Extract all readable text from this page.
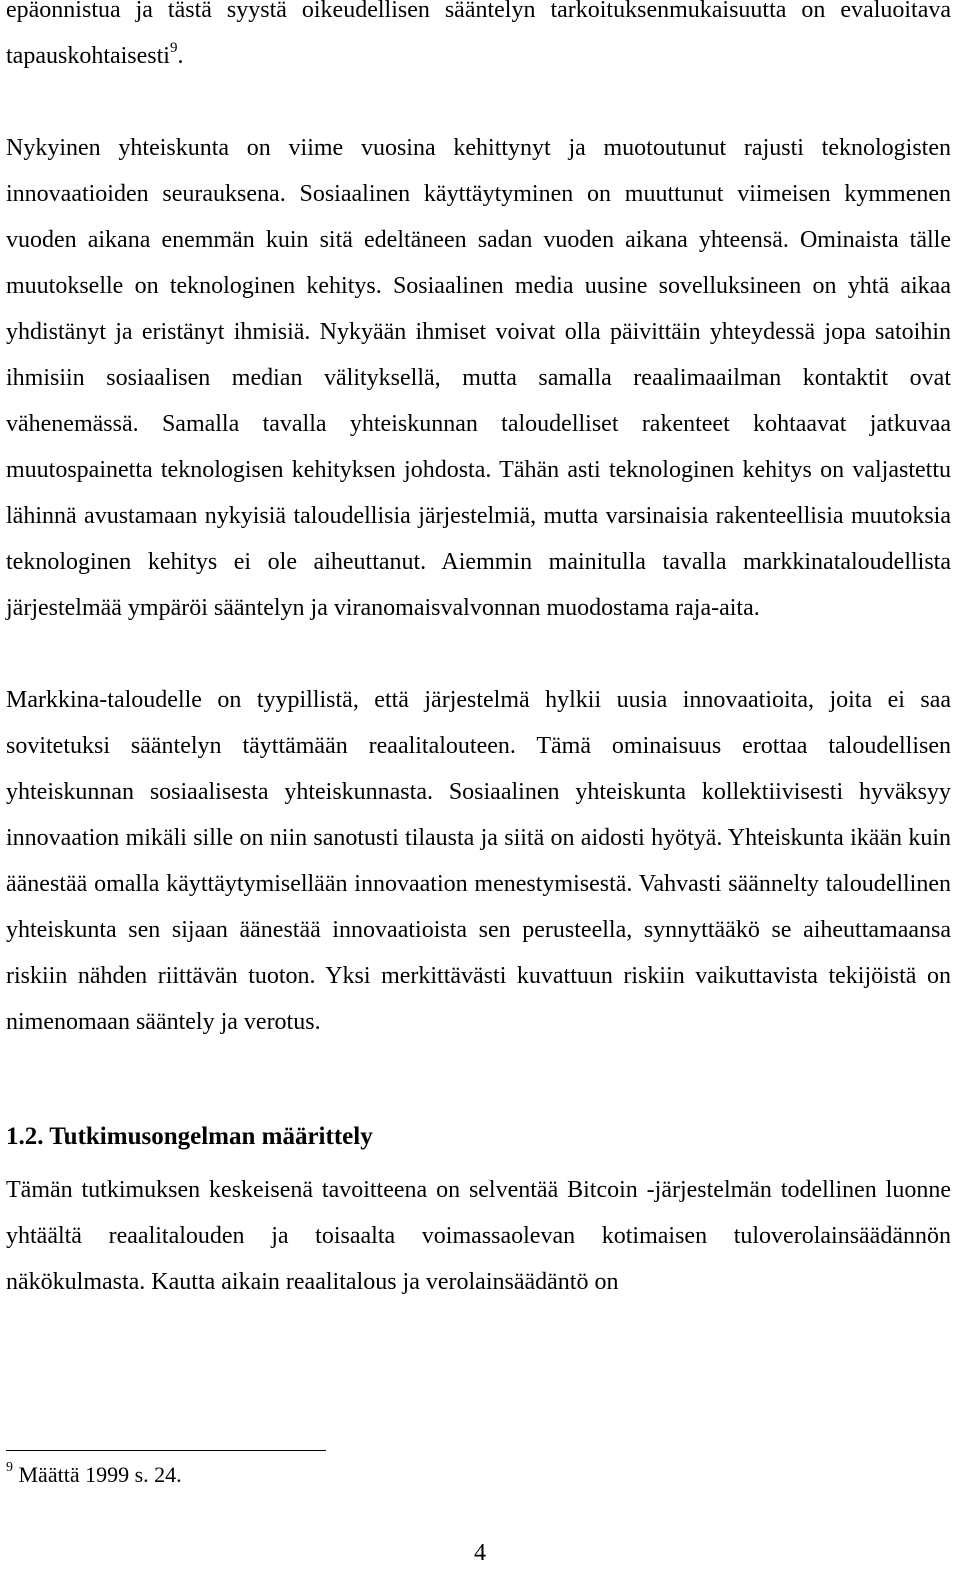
epäonnistua ja tästä syystä oikeudellisen sääntelyn tarkoituksenmukaisuutta on evaluoitava tapauskohtaisesti$^9$.

Nykyinen yhteiskunta on viime vuosina kehittynyt ja muotoutunut rajusti teknologisten innovaatioiden seurauksena. Sosiaalinen käyttäytyminen on muuttunut viimeisen kymmenen vuoden aikana enemmän kuin sitä edeltäneen sadan vuoden aikana yhteensä. Ominaista tälle muutokselle on teknologinen kehitys. Sosiaalinen media uusine sovelluksineen on yhtä aikaa yhdistänyt ja eristänyt ihmisiä. Nykyään ihmiset voivat olla päivittäin yhteydessä jopa satoihin ihmisiin sosiaalisen median välityksellä, mutta samalla reaalimaailman kontaktit ovat vähenemässä. Samalla tavalla yhteiskunnan taloudelliset rakenteet kohtaavat jatkuvaa muutospainetta teknologisen kehityksen johdosta. Tähän asti teknologinen kehitys on valjastettu lähinnä avustamaan nykyisiä taloudellisia järjestelmiä, mutta varsinaisia rakenteellisia muutoksia teknologinen kehitys ei ole aiheuttanut. Aiemmin mainitulla tavalla markkinataloudellista järjestelmää ympäröi sääntelyn ja viranomaisvalvonnan muodostama raja-aita.

Markkina-taloudelle on tyypillistä, että järjestelmä hylkii uusia innovaatioita, joita ei saa sovitetuksi sääntelyn täyttämään reaalitalouteen. Tämä ominaisuus erottaa taloudellisen yhteiskunnan sosiaalisesta yhteiskunnasta. Sosiaalinen yhteiskunta kollektiivisesti hyväksyy innovaation mikäli sille on niin sanotusti tilausta ja siitä on aidosti hyötyä. Yhteiskunta ikään kuin äänestää omalla käyttäytymisellään innovaation menestymisestä. Vahvasti säännelty taloudellinen yhteiskunta sen sijaan äänestää innovaatioista sen perusteella, synnyttääkö se aiheuttamaansa riskiin nähden riittävän tuoton. Yksi merkittävästi kuvattuun riskiin vaikuttavista tekijöistä on nimenomaan sääntely ja verotus.

1.2. Tutkimusongelman määrittely

Tämän tutkimuksen keskeisenä tavoitteena on selventää Bitcoin -järjestelmän todellinen luonne yhtäältä reaalitalouden ja toisaalta voimassaolevan kotimaisen tuloverolainsäädännön näkökulmasta. Kautta aikain reaalitalous ja verolainsäädäntö on

$^9$ Määttä 1999 s. 24.
4
